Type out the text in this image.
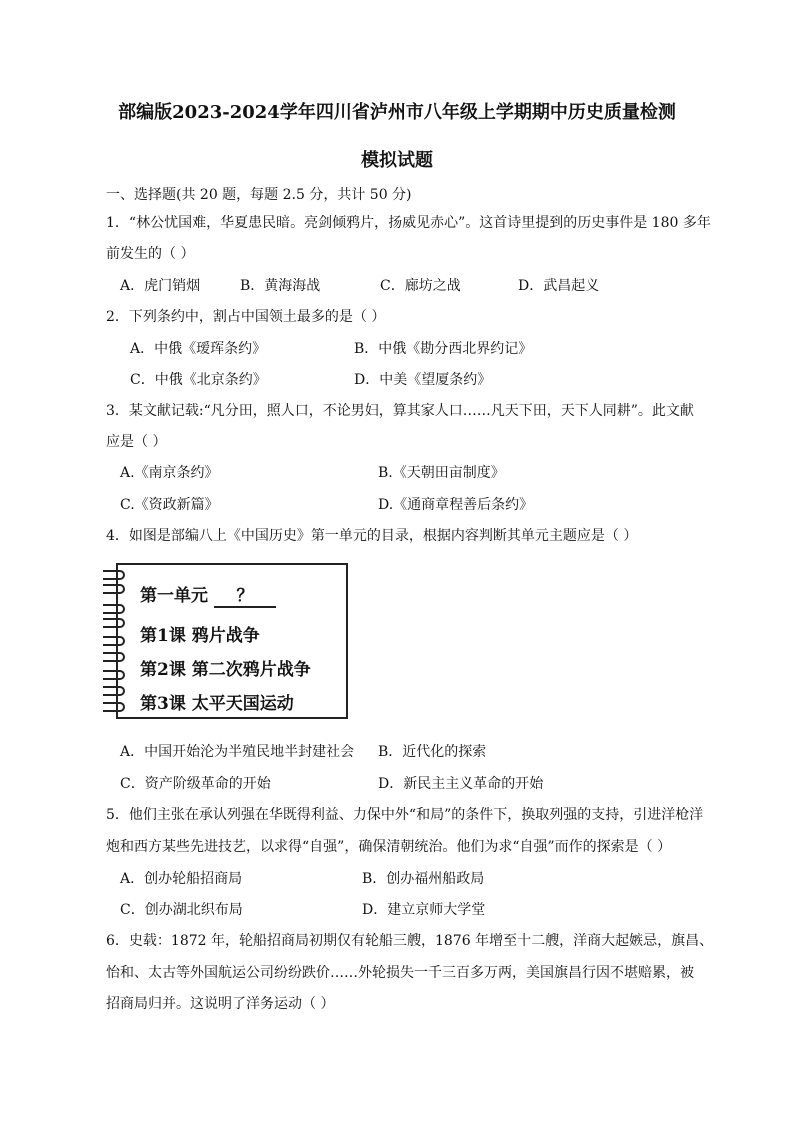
部编版2023-2024学年四川省泸州市八年级上学期期中历史质量检测
模拟试题
一、选择题(共 20 题，每题 2.5 分，共计 50 分)
1．“林公忧国难，华夏患民暗。亮剑倾鸦片，扬威见赤心”。这首诗里提到的历史事件是 180 多年
前发生的（ ）
A．虎门销烟	B．黄海海战	C．廊坊之战	D．武昌起义
2．下列条约中，割占中国领土最多的是（ ）
A．中俄《瑷珲条约》	B．中俄《勘分西北界约记》
C．中俄《北京条约》	D．中美《望厦条约》
3．某文献记载:“凡分田，照人口，不论男妇，算其家人口……凡天下田，天下人同耕”。此文献
应是（ ）
A.《南京条约》	B.《天朝田亩制度》
C.《资政新篇》	D.《通商章程善后条约》
4．如图是部编八上《中国历史》第一单元的目录，根据内容判断其单元主题应是（ ）
第一单元 ？
第1课 鸦片战争
第2课 第二次鸦片战争
第3课 太平天国运动
A．中国开始沦为半殖民地半封建社会 B．近代化的探索
C．资产阶级革命的开始	D．新民主主义革命的开始
5．他们主张在承认列强在华既得利益、力保中外“和局”的条件下，换取列强的支持，引进洋枪洋
炮和西方某些先进技艺，以求得“自强”，确保清朝统治。他们为求“自强”而作的探索是（ ）
A．创办轮船招商局	B．创办福州船政局
C．创办湖北织布局	D．建立京师大学堂
6．史载：1872 年，轮船招商局初期仅有轮船三艘，1876 年增至十二艘，洋商大起嫉忌，旗昌、
怡和、太古等外国航运公司纷纷跌价……外轮损失一千三百多万两，美国旗昌行因不堪赔累，被
招商局归并。这说明了洋务运动（ ）
